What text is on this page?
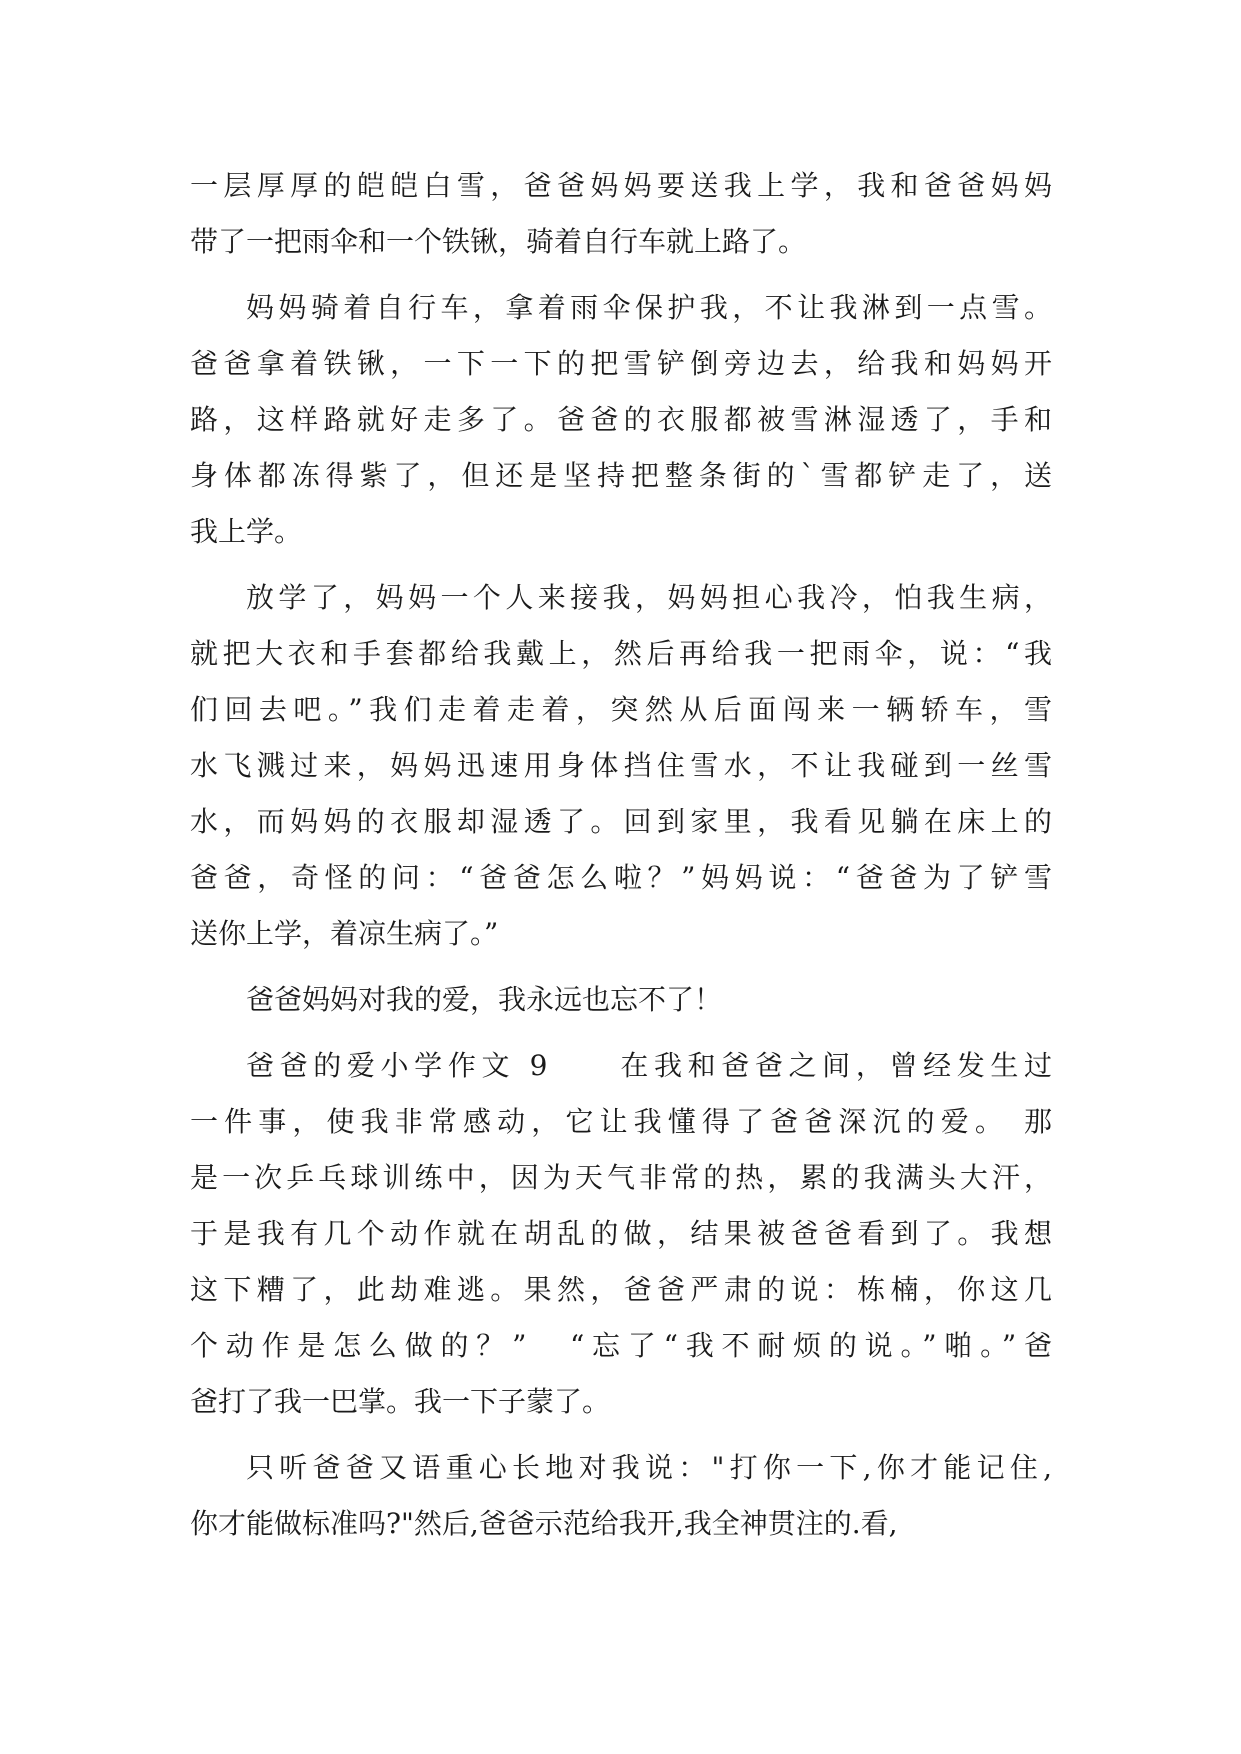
一层厚厚的皑皑白雪，爸爸妈妈要送我上学，我和爸爸妈妈
带了一把雨伞和一个铁锹，骑着自行车就上路了。
妈妈骑着自行车，拿着雨伞保护我，不让我淋到一点雪。
爸爸拿着铁锹，一下一下的把雪铲倒旁边去，给我和妈妈开
路，这样路就好走多了。爸爸的衣服都被雪淋湿透了，手和
身体都冻得紫了，但还是坚持把整条街的`雪都铲走了，送
我上学。
放学了，妈妈一个人来接我，妈妈担心我冷，怕我生病，
就把大衣和手套都给我戴上，然后再给我一把雨伞，说：“我
们回去吧。”我们走着走着，突然从后面闯来一辆轿车，雪
水飞溅过来，妈妈迅速用身体挡住雪水，不让我碰到一丝雪
水，而妈妈的衣服却湿透了。回到家里，我看见躺在床上的
爸爸，奇怪的问：“爸爸怎么啦？”妈妈说：“爸爸为了铲雪
送你上学，着凉生病了。”
爸爸妈妈对我的爱，我永远也忘不了！
爸爸的爱小学作文 9　　在我和爸爸之间，曾经发生过
一件事，使我非常感动，它让我懂得了爸爸深沉的爱。 那
是一次乒乓球训练中，因为天气非常的热，累的我满头大汗，
于是我有几个动作就在胡乱的做，结果被爸爸看到了。我想
这下糟了，此劫难逃。果然，爸爸严肃的说：栋楠，你这几
个动作是怎么做的？”　“忘了“我不耐烦的说。”啪。”爸
爸打了我一巴掌。我一下子蒙了。
只听爸爸又语重心长地对我说："打你一下,你才能记住,
你才能做标准吗?"然后,爸爸示范给我开,我全神贯注的.看,
